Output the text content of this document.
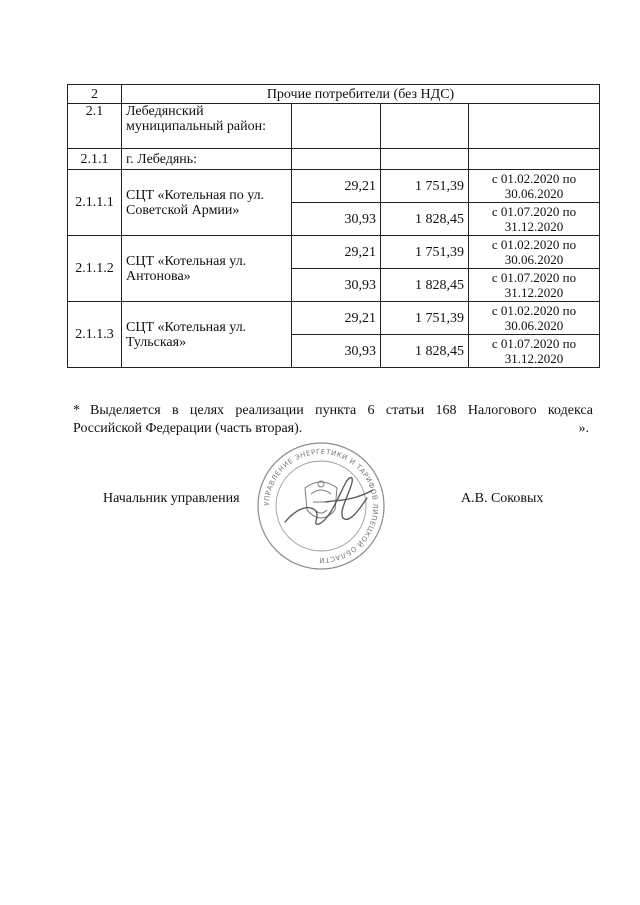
2	Прочие потребители (без НДС)			
2.1	Лебедянский муниципальный район:			
2.1.1	г. Лебедянь:			
2.1.1.1	СЦТ «Котельная по ул. Советской Армии»	29,21	1 751,39	с 01.02.2020 по 30.06.2020
		30,93	1 828,45	с 01.07.2020 по 31.12.2020
2.1.1.2	СЦТ «Котельная ул. Антонова»	29,21	1 751,39	с 01.02.2020 по 30.06.2020
		30,93	1 828,45	с 01.07.2020 по 31.12.2020
2.1.1.3	СЦТ «Котельная ул. Тульская»	29,21	1 751,39	с 01.02.2020 по 30.06.2020
		30,93	1 828,45	с 01.07.2020 по 31.12.2020
* Выделяется в целях реализации пункта 6 статьи 168 Налогового кодекса Российской Федерации (часть вторая).	».
УПРАВЛЕНИЕ ЭНЕРГЕТИКИ И ТАРИФОВ ЛИПЕЦКОЙ ОБЛАСТИ
Начальник управления	А.В. Соковых
